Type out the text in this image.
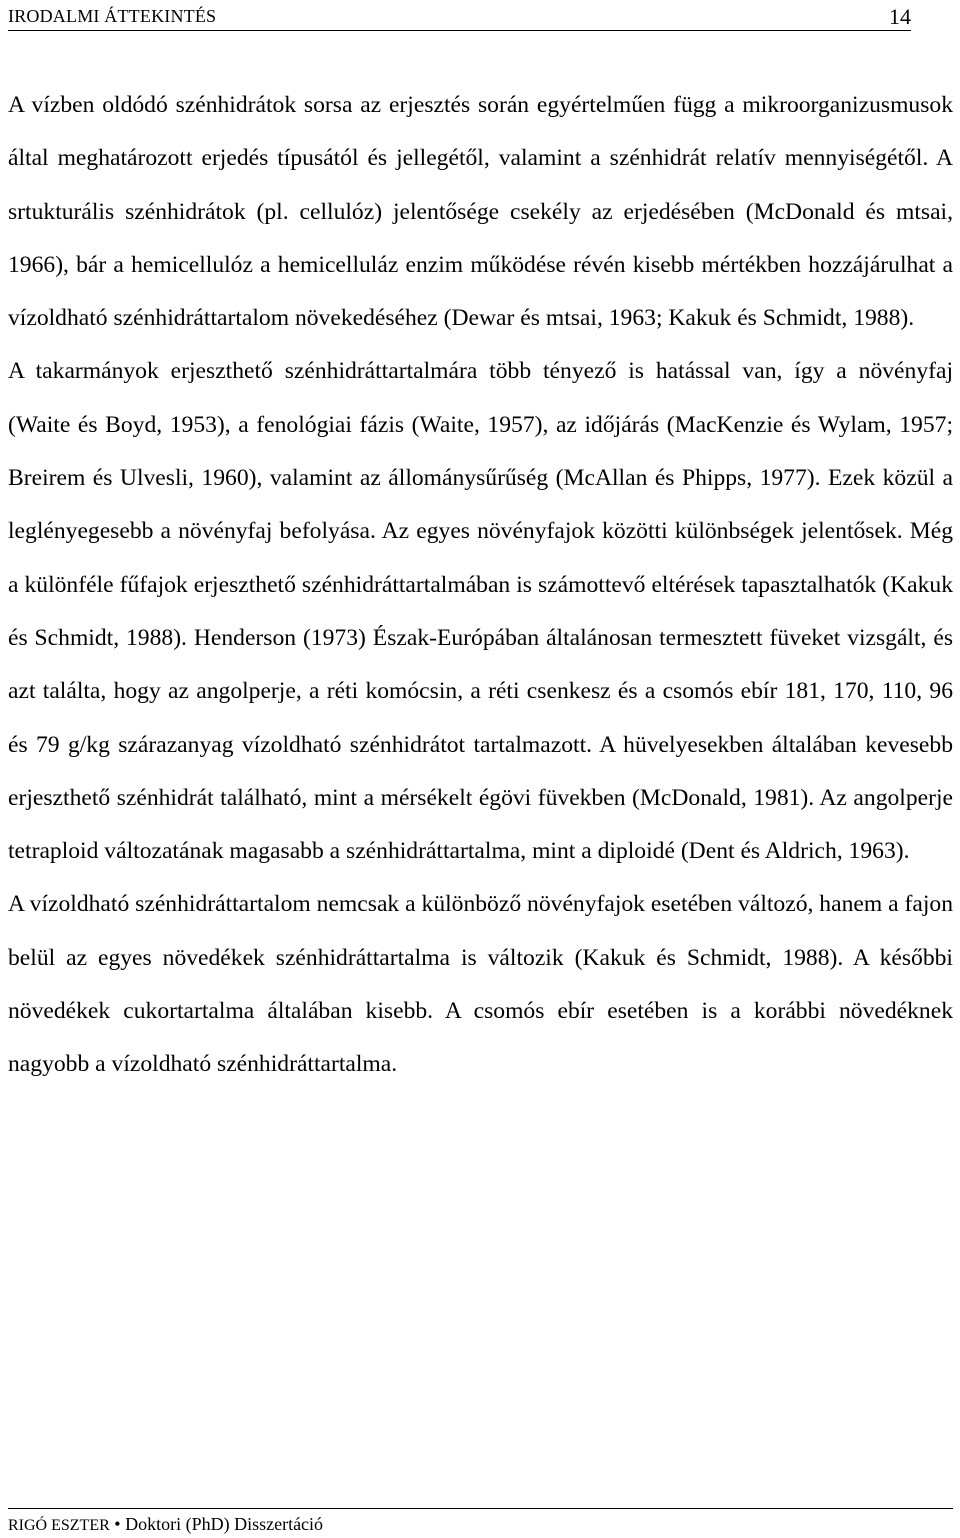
IRODALMI ÁTTEKINTÉS	14

A vízben oldódó szénhidrátok sorsa az erjesztés során egyértelműen függ a mikroorganizusmusok által meghatározott erjedés típusától és jellegétől, valamint a szénhidrát relatív mennyiségétől. A srtukturális szénhidrátok (pl. cellulóz) jelentősége csekély az erjedésében (McDonald és mtsai, 1966), bár a hemicellulóz a hemicelluláz enzim működése révén kisebb mértékben hozzájárulhat a vízoldható szénhidráttartalom növekedéséhez (Dewar és mtsai, 1963; Kakuk és Schmidt, 1988).

A takarmányok erjeszthető szénhidráttartalmára több tényező is hatással van, így a növényfaj (Waite és Boyd, 1953), a fenológiai fázis (Waite, 1957), az időjárás (MacKenzie és Wylam, 1957; Breirem és Ulvesli, 1960), valamint az állománysűrűség (McAllan és Phipps, 1977). Ezek közül a leglényegesebb a növényfaj befolyása. Az egyes növényfajok közötti különbségek jelentősek. Még a különféle fűfajok erjeszthető szénhidráttartalmában is számottevő eltérések tapasztalhatók (Kakuk és Schmidt, 1988). Henderson (1973) Észak-Európában általánosan termesztett füveket vizsgált, és azt találta, hogy az angolperje, a réti komócsin, a réti csenkesz és a csomós ebír 181, 170, 110, 96 és 79 g/kg szárazanyag vízoldható szénhidrátot tartalmazott. A hüvelyesekben általában kevesebb erjeszthető szénhidrát található, mint a mérsékelt égövi füvekben (McDonald, 1981). Az angolperje tetraploid változatának magasabb a szénhidráttartalma, mint a diploidé (Dent és Aldrich, 1963).

A vízoldható szénhidráttartalom nemcsak a különböző növényfajok esetében változó, hanem a fajon belül az egyes növedékek szénhidráttartalma is változik (Kakuk és Schmidt, 1988). A későbbi növedékek cukortartalma általában kisebb. A csomós ebír esetében is a korábbi növedéknek nagyobb a vízoldható szénhidráttartalma.

RIGÓ ESZTER • Doktori (PhD) Disszertáció
